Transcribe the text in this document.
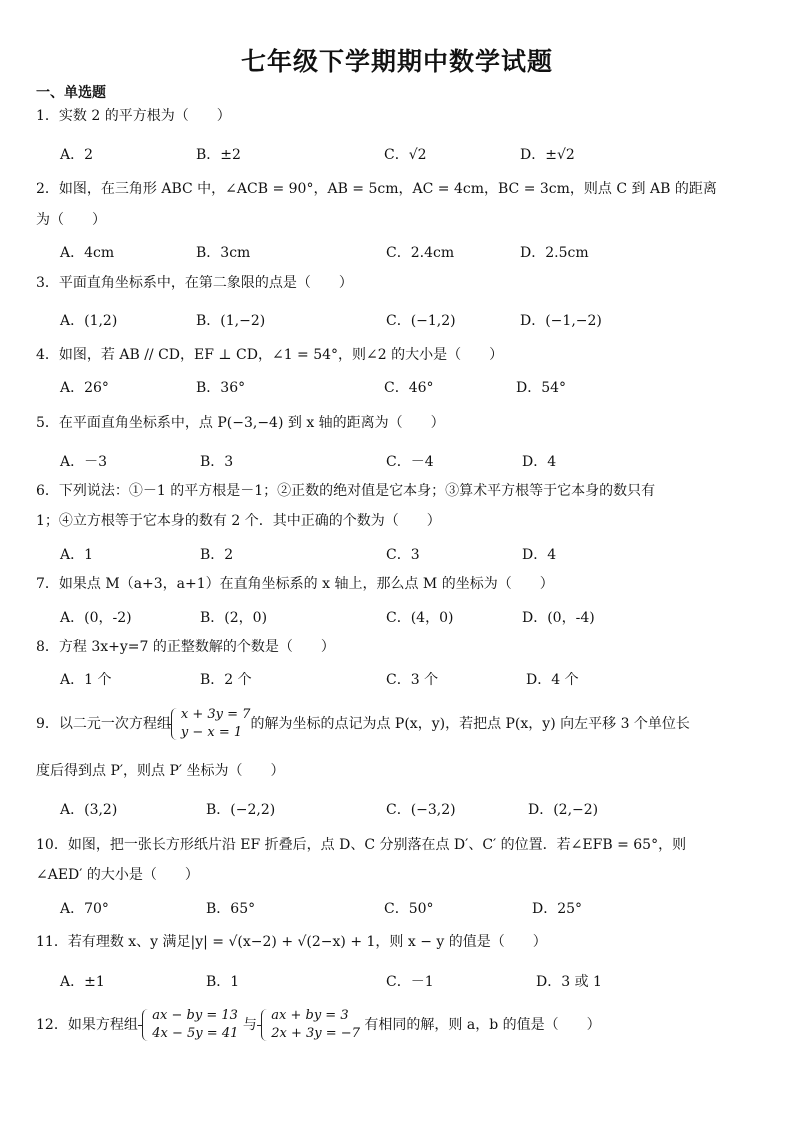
七年级下学期期中数学试题
一、单选题
1．实数 2 的平方根为（　　）
A．2	B．±2	C．√2	D．±√2
2．如图，在三角形 ABC 中，∠ACB = 90°，AB = 5cm，AC = 4cm，BC = 3cm，则点 C 到 AB 的距离
为（　　）
A．4cm	B．3cm	C．2.4cm	D．2.5cm
3．平面直角坐标系中，在第二象限的点是（　　）
A．(1,2)	B．(1,−2)	C．(−1,2)	D．(−1,−2)
4．如图，若 AB // CD，EF ⊥ CD，∠1 = 54°，则∠2 的大小是（　　）
A．26°	B．36°	C．46°	D．54°
5．在平面直角坐标系中，点 P(−3,−4) 到 x 轴的距离为（　　）
A．－3	B．3	C．－4	D．4
6．下列说法：①－1 的平方根是－1；②正数的绝对值是它本身；③算术平方根等于它本身的数只有
1；④立方根等于它本身的数有 2 个．其中正确的个数为（　　）
A．1	B．2	C．3	D．4
7．如果点 M（a+3，a+1）在直角坐标系的 x 轴上，那么点 M 的坐标为（　　）
A．(0，-2)	B．(2，0)	C．(4，0)	D．(0，-4)
8．方程 3x+y=7 的正整数解的个数是（　　）
A．1 个	B．2 个	C．3 个	D．4 个
9．以二元一次方程组
x + 3y = 7
y − x = 1
的解为坐标的点记为点 P(x，y)，若把点 P(x，y) 向左平移 3 个单位长
度后得到点 P′，则点 P′ 坐标为（　　）
A．(3,2)	B．(−2,2)	C．(−3,2)	D．(2,−2)
10．如图，把一张长方形纸片沿 EF 折叠后，点 D、C 分别落在点 D′、C′ 的位置．若∠EFB = 65°，则
∠AED′ 的大小是（　　）
A．70°	B．65°	C．50°	D．25°
11．若有理数 x、y 满足|y| = √(x−2) + √(2−x) + 1，则 x − y 的值是（　　）
A．±1	B．1	C．－1	D．3 或 1
12．如果方程组
ax − by = 13
4x − 5y = 41
与
ax + by = 3
2x + 3y = −7
有相同的解，则 a，b 的值是（　　）
